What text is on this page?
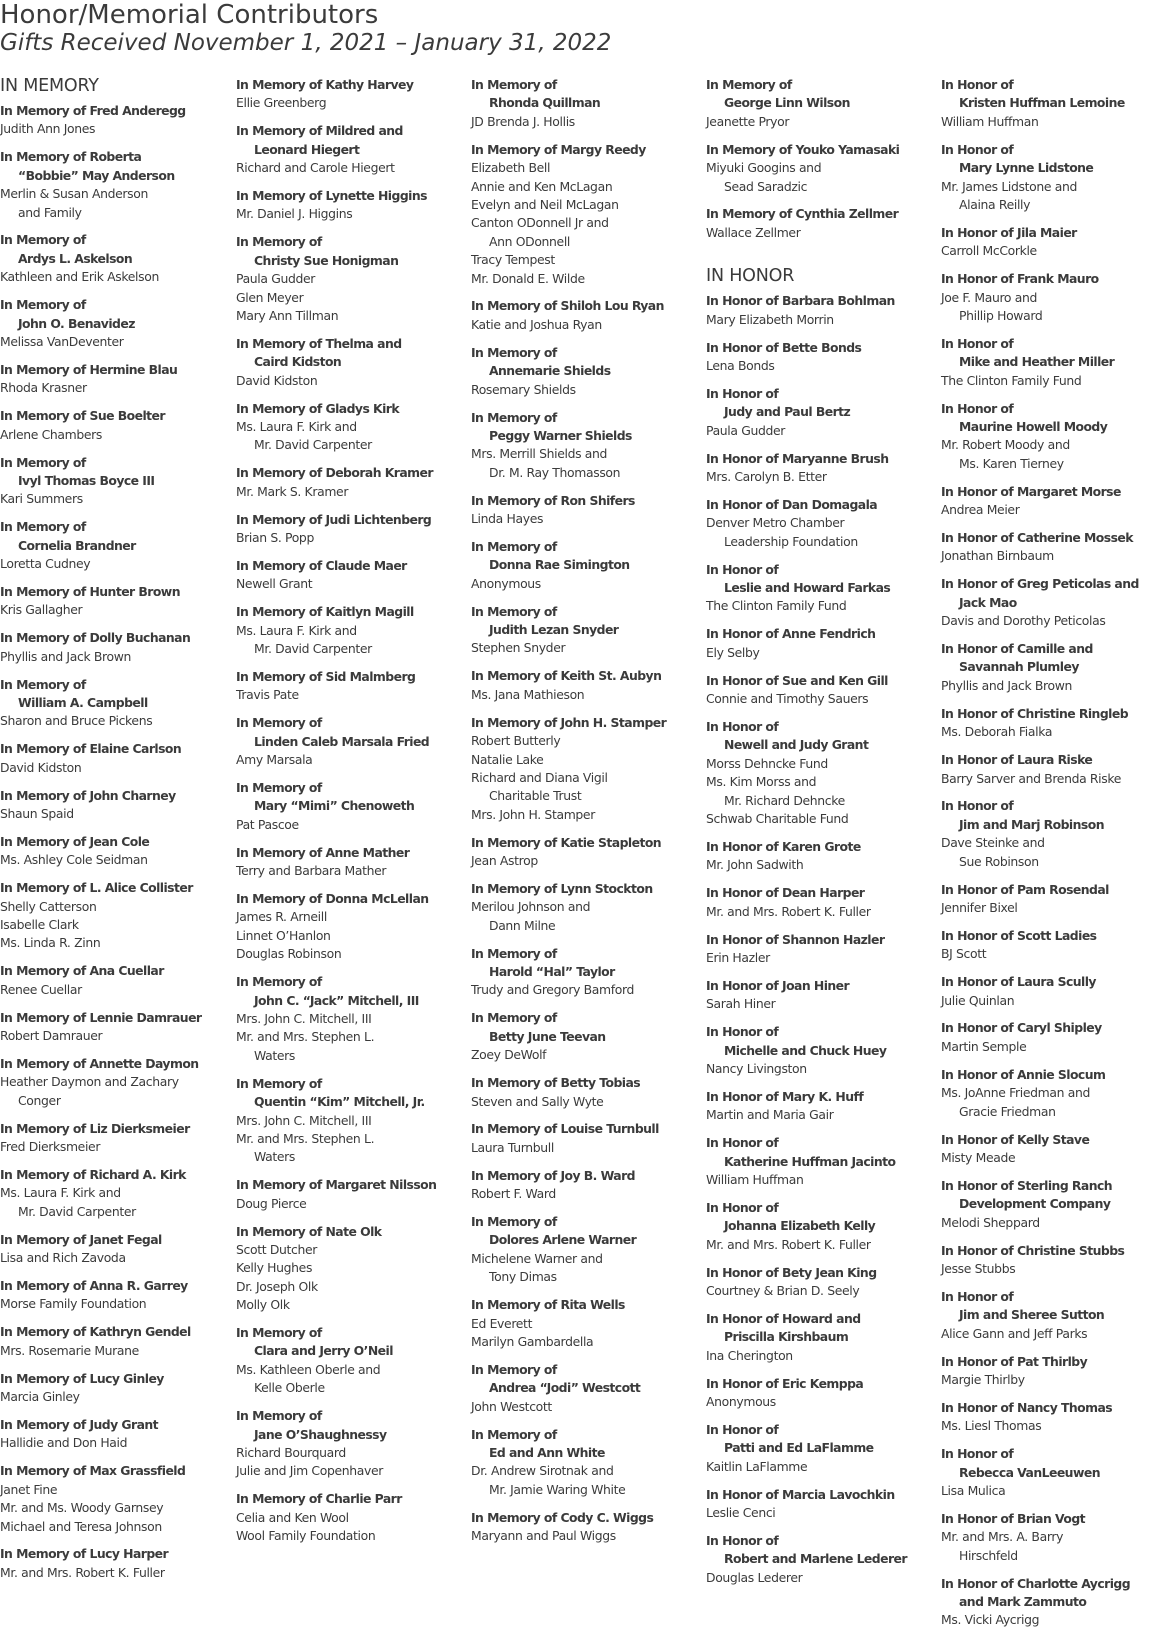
Honor/Memorial Contributors
Gifts Received November 1, 2021 – January 31, 2022
IN MEMORY
In Memory of Fred Anderegg
Judith Ann Jones
In Memory of Roberta
“Bobbie” May Anderson
Merlin & Susan Anderson
and Family
In Memory of
Ardys L. Askelson
Kathleen and Erik Askelson
In Memory of
John O. Benavidez
Melissa VanDeventer
In Memory of Hermine Blau
Rhoda Krasner
In Memory of Sue Boelter
Arlene Chambers
In Memory of
Ivyl Thomas Boyce III
Kari Summers
In Memory of
Cornelia Brandner
Loretta Cudney
In Memory of Hunter Brown
Kris Gallagher
In Memory of Dolly Buchanan
Phyllis and Jack Brown
In Memory of
William A. Campbell
Sharon and Bruce Pickens
In Memory of Elaine Carlson
David Kidston
In Memory of John Charney
Shaun Spaid
In Memory of Jean Cole
Ms. Ashley Cole Seidman
In Memory of L. Alice Collister
Shelly Catterson
Isabelle Clark
Ms. Linda R. Zinn
In Memory of Ana Cuellar
Renee Cuellar
In Memory of Lennie Damrauer
Robert Damrauer
In Memory of Annette Daymon
Heather Daymon and Zachary
Conger
In Memory of Liz Dierksmeier
Fred Dierksmeier
In Memory of Richard A. Kirk
Ms. Laura F. Kirk and
Mr. David Carpenter
In Memory of Janet Fegal
Lisa and Rich Zavoda
In Memory of Anna R. Garrey
Morse Family Foundation
In Memory of Kathryn Gendel
Mrs. Rosemarie Murane
In Memory of Lucy Ginley
Marcia Ginley
In Memory of Judy Grant
Hallidie and Don Haid
In Memory of Max Grassfield
Janet Fine
Mr. and Ms. Woody Garnsey
Michael and Teresa Johnson
In Memory of Lucy Harper
Mr. and Mrs. Robert K. Fuller
In Memory of Kathy Harvey
Ellie Greenberg
In Memory of Mildred and
Leonard Hiegert
Richard and Carole Hiegert
In Memory of Lynette Higgins
Mr. Daniel J. Higgins
In Memory of
Christy Sue Honigman
Paula Gudder
Glen Meyer
Mary Ann Tillman
In Memory of Thelma and
Caird Kidston
David Kidston
In Memory of Gladys Kirk
Ms. Laura F. Kirk and
Mr. David Carpenter
In Memory of Deborah Kramer
Mr. Mark S. Kramer
In Memory of Judi Lichtenberg
Brian S. Popp
In Memory of Claude Maer
Newell Grant
In Memory of Kaitlyn Magill
Ms. Laura F. Kirk and
Mr. David Carpenter
In Memory of Sid Malmberg
Travis Pate
In Memory of
Linden Caleb Marsala Fried
Amy Marsala
In Memory of
Mary “Mimi” Chenoweth
Pat Pascoe
In Memory of Anne Mather
Terry and Barbara Mather
In Memory of Donna McLellan
James R. Arneill
Linnet O’Hanlon
Douglas Robinson
In Memory of
John C. “Jack” Mitchell, III
Mrs. John C. Mitchell, III
Mr. and Mrs. Stephen L.
Waters
In Memory of
Quentin “Kim” Mitchell, Jr.
Mrs. John C. Mitchell, III
Mr. and Mrs. Stephen L.
Waters
In Memory of Margaret Nilsson
Doug Pierce
In Memory of Nate Olk
Scott Dutcher
Kelly Hughes
Dr. Joseph Olk
Molly Olk
In Memory of
Clara and Jerry O’Neil
Ms. Kathleen Oberle and
Kelle Oberle
In Memory of
Jane O’Shaughnessy
Richard Bourquard
Julie and Jim Copenhaver
In Memory of Charlie Parr
Celia and Ken Wool
Wool Family Foundation
In Memory of
Rhonda Quillman
JD Brenda J. Hollis
In Memory of Margy Reedy
Elizabeth Bell
Annie and Ken McLagan
Evelyn and Neil McLagan
Canton ODonnell Jr and
Ann ODonnell
Tracy Tempest
Mr. Donald E. Wilde
In Memory of Shiloh Lou Ryan
Katie and Joshua Ryan
In Memory of
Annemarie Shields
Rosemary Shields
In Memory of
Peggy Warner Shields
Mrs. Merrill Shields and
Dr. M. Ray Thomasson
In Memory of Ron Shifers
Linda Hayes
In Memory of
Donna Rae Simington
Anonymous
In Memory of
Judith Lezan Snyder
Stephen Snyder
In Memory of Keith St. Aubyn
Ms. Jana Mathieson
In Memory of John H. Stamper
Robert Butterly
Natalie Lake
Richard and Diana Vigil
Charitable Trust
Mrs. John H. Stamper
In Memory of Katie Stapleton
Jean Astrop
In Memory of Lynn Stockton
Merilou Johnson and
Dann Milne
In Memory of
Harold “Hal” Taylor
Trudy and Gregory Bamford
In Memory of
Betty June Teevan
Zoey DeWolf
In Memory of Betty Tobias
Steven and Sally Wyte
In Memory of Louise Turnbull
Laura Turnbull
In Memory of Joy B. Ward
Robert F. Ward
In Memory of
Dolores Arlene Warner
Michelene Warner and
Tony Dimas
In Memory of Rita Wells
Ed Everett
Marilyn Gambardella
In Memory of
Andrea “Jodi” Westcott
John Westcott
In Memory of
Ed and Ann White
Dr. Andrew Sirotnak and
Mr. Jamie Waring White
In Memory of Cody C. Wiggs
Maryann and Paul Wiggs
In Memory of
George Linn Wilson
Jeanette Pryor
In Memory of Youko Yamasaki
Miyuki Googins and
Sead Saradzic
In Memory of Cynthia Zellmer
Wallace Zellmer
IN HONOR
In Honor of Barbara Bohlman
Mary Elizabeth Morrin
In Honor of Bette Bonds
Lena Bonds
In Honor of
Judy and Paul Bertz
Paula Gudder
In Honor of Maryanne Brush
Mrs. Carolyn B. Etter
In Honor of Dan Domagala
Denver Metro Chamber
Leadership Foundation
In Honor of
Leslie and Howard Farkas
The Clinton Family Fund
In Honor of Anne Fendrich
Ely Selby
In Honor of Sue and Ken Gill
Connie and Timothy Sauers
In Honor of
Newell and Judy Grant
Morss Dehncke Fund
Ms. Kim Morss and
Mr. Richard Dehncke
Schwab Charitable Fund
In Honor of Karen Grote
Mr. John Sadwith
In Honor of Dean Harper
Mr. and Mrs. Robert K. Fuller
In Honor of Shannon Hazler
Erin Hazler
In Honor of Joan Hiner
Sarah Hiner
In Honor of
Michelle and Chuck Huey
Nancy Livingston
In Honor of Mary K. Huff
Martin and Maria Gair
In Honor of
Katherine Huffman Jacinto
William Huffman
In Honor of
Johanna Elizabeth Kelly
Mr. and Mrs. Robert K. Fuller
In Honor of Bety Jean King
Courtney & Brian D. Seely
In Honor of Howard and
Priscilla Kirshbaum
Ina Cherington
In Honor of Eric Kemppa
Anonymous
In Honor of
Patti and Ed LaFlamme
Kaitlin LaFlamme
In Honor of Marcia Lavochkin
Leslie Cenci
In Honor of
Robert and Marlene Lederer
Douglas Lederer
In Honor of
Kristen Huffman Lemoine
William Huffman
In Honor of
Mary Lynne Lidstone
Mr. James Lidstone and
Alaina Reilly
In Honor of Jila Maier
Carroll McCorkle
In Honor of Frank Mauro
Joe F. Mauro and
Phillip Howard
In Honor of
Mike and Heather Miller
The Clinton Family Fund
In Honor of
Maurine Howell Moody
Mr. Robert Moody and
Ms. Karen Tierney
In Honor of Margaret Morse
Andrea Meier
In Honor of Catherine Mossek
Jonathan Birnbaum
In Honor of Greg Peticolas and
Jack Mao
Davis and Dorothy Peticolas
In Honor of Camille and
Savannah Plumley
Phyllis and Jack Brown
In Honor of Christine Ringleb
Ms. Deborah Fialka
In Honor of Laura Riske
Barry Sarver and Brenda Riske
In Honor of
Jim and Marj Robinson
Dave Steinke and
Sue Robinson
In Honor of Pam Rosendal
Jennifer Bixel
In Honor of Scott Ladies
BJ Scott
In Honor of Laura Scully
Julie Quinlan
In Honor of Caryl Shipley
Martin Semple
In Honor of Annie Slocum
Ms. JoAnne Friedman and
Gracie Friedman
In Honor of Kelly Stave
Misty Meade
In Honor of Sterling Ranch
Development Company
Melodi Sheppard
In Honor of Christine Stubbs
Jesse Stubbs
In Honor of
Jim and Sheree Sutton
Alice Gann and Jeff Parks
In Honor of Pat Thirlby
Margie Thirlby
In Honor of Nancy Thomas
Ms. Liesl Thomas
In Honor of
Rebecca VanLeeuwen
Lisa Mulica
In Honor of Brian Vogt
Mr. and Mrs. A. Barry
Hirschfeld
In Honor of Charlotte Aycrigg
and Mark Zammuto
Ms. Vicki Aycrigg
